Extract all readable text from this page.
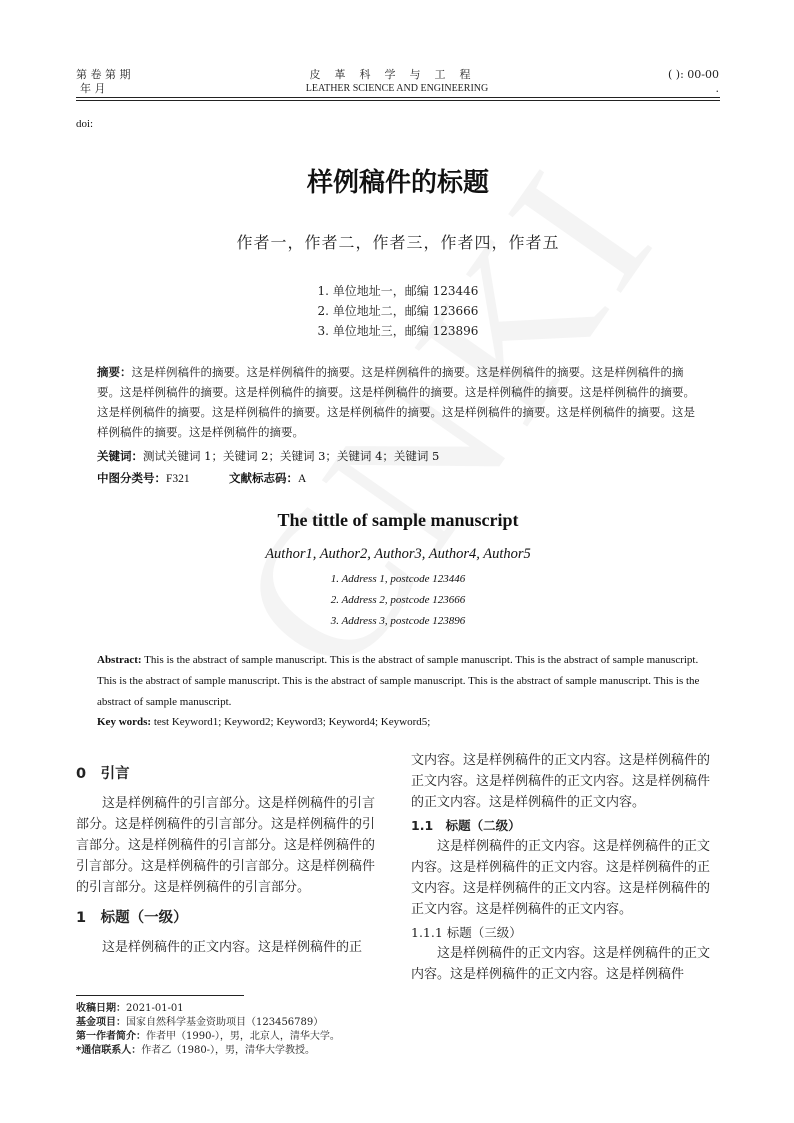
第 卷 第 期
年 月
皮革科学与工程
LEATHER SCIENCE AND ENGINEERING
( ): 00-00
.
doi:
样例稿件的标题
作者一，作者二，作者三，作者四，作者五
1. 单位地址一，邮编 123446
2. 单位地址二，邮编 123666
3. 单位地址三，邮编 123896
摘要：这是样例稿件的摘要。这是样例稿件的摘要。这是样例稿件的摘要。这是样例稿件的摘要。这是样例稿件的摘要。这是样例稿件的摘要。这是样例稿件的摘要。这是样例稿件的摘要。这是样例稿件的摘要。这是样例稿件的摘要。这是样例稿件的摘要。这是样例稿件的摘要。这是样例稿件的摘要。这是样例稿件的摘要。这是样例稿件的摘要。这是样例稿件的摘要。这是样例稿件的摘要。
关键词：测试关键词 1；关键词 2；关键词 3；关键词 4；关键词 5
中图分类号：F321	文献标志码：A
The tittle of sample manuscript
Author1, Author2, Author3, Author4, Author5
1. Address 1, postcode 123446
2. Address 2, postcode 123666
3. Address 3, postcode 123896
Abstract: This is the abstract of sample manuscript. This is the abstract of sample manuscript. This is the abstract of sample manuscript. This is the abstract of sample manuscript. This is the abstract of sample manuscript. This is the abstract of sample manuscript. This is the abstract of sample manuscript.
Key words: test Keyword1; Keyword2; Keyword3; Keyword4; Keyword5;

0　引言

这是样例稿件的引言部分。这是样例稿件的引言部分。这是样例稿件的引言部分。这是样例稿件的引言部分。这是样例稿件的引言部分。这是样例稿件的引言部分。这是样例稿件的引言部分。这是样例稿件的引言部分。这是样例稿件的引言部分。

1　标题（一级）

这是样例稿件的正文内容。这是样例稿件的正

文内容。这是样例稿件的正文内容。这是样例稿件的正文内容。这是样例稿件的正文内容。这是样例稿件的正文内容。这是样例稿件的正文内容。

1.1　标题（二级）

这是样例稿件的正文内容。这是样例稿件的正文内容。这是样例稿件的正文内容。这是样例稿件的正文内容。这是样例稿件的正文内容。这是样例稿件的正文内容。这是样例稿件的正文内容。

1.1.1 标题（三级）

这是样例稿件的正文内容。这是样例稿件的正文内容。这是样例稿件的正文内容。这是样例稿件

收稿日期：2021-01-01
基金项目：国家自然科学基金资助项目（123456789）
第一作者简介：作者甲（1990-），男，北京人，清华大学。
*通信联系人：作者乙（1980-），男，清华大学教授。
